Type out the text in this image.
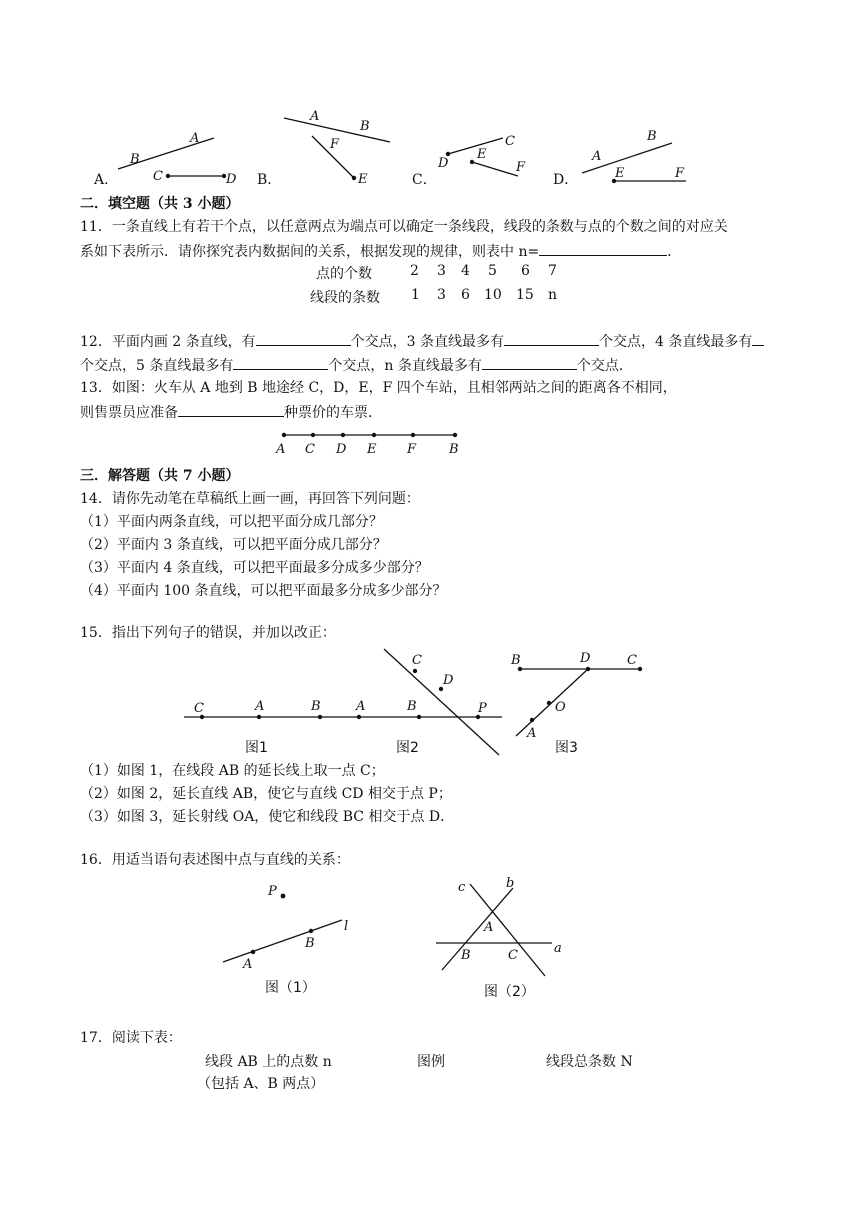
B
A
C	D
A
B
F
E
C
D
E
F
A
B
E	F
A．	B．	C．	D．
二．填空题（共 3 小题）
11．一条直线上有若干个点，以任意两点为端点可以确定一条线段，线段的条数与点的个数之间的对应关
系如下表所示．请你探究表内数据间的关系，根据发现的规律，则表中 n=	．
点的个数	2 3 4 5 6 7
线段的条数 1 3 6 10 15 n
12．平面内画 2 条直线，有	个交点，3 条直线最多有	个交点，4 条直线最多有
个交点，5 条直线最多有	个交点，n 条直线最多有	个交点．
13．如图：火车从 A 地到 B 地途经 C，D，E，F 四个车站，且相邻两站之间的距离各不相同，
则售票员应准备	种票价的车票．
A C D E F	B
三．解答题（共 7 小题）
14．请你先动笔在草稿纸上画一画，再回答下列问题：
（1）平面内两条直线，可以把平面分成几部分？
（2）平面内 3 条直线，可以把平面分成几部分？
（3）平面内 4 条直线，可以把平面最多分成多少部分？
（4）平面内 100 条直线，可以把平面最多分成多少部分？
15．指出下列句子的错误，并加以改正：
C	A	B	A	B	P
C
D
B	D	C
A
O
图1	图2	图3
（1）如图 1，在线段 AB 的延长线上取一点 C；
（2）如图 2，延长直线 AB，使它与直线 CD 相交于点 P；
（3）如图 3，延长射线 OA，使它和线段 BC 相交于点 D．
16．用适当语句表述图中点与直线的关系：
P
A
B
l
c	b
A
B	C	a
图（1）	图（2）
17．阅读下表：
线段 AB 上的点数 n	图例	线段总条数 N
（包括 A、B 两点）
